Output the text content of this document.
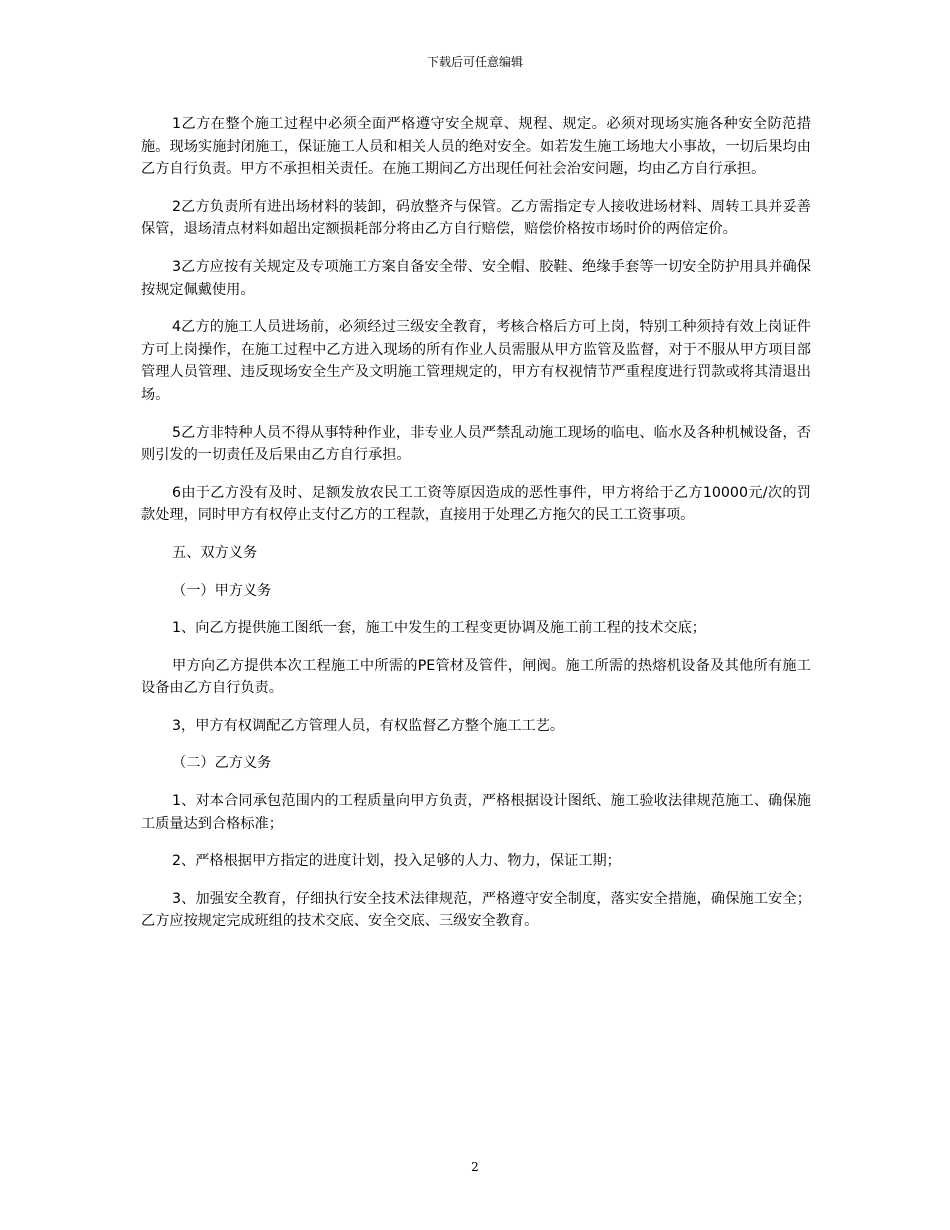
下载后可任意编辑

1乙方在整个施工过程中必须全面严格遵守安全规章、规程、规定。必须对现场实施各种安全防范措施。现场实施封闭施工，保证施工人员和相关人员的绝对安全。如若发生施工场地大小事故，一切后果均由乙方自行负责。甲方不承担相关责任。在施工期间乙方出现任何社会治安问题，均由乙方自行承担。

2乙方负责所有进出场材料的装卸，码放整齐与保管。乙方需指定专人接收进场材料、周转工具并妥善保管，退场清点材料如超出定额损耗部分将由乙方自行赔偿，赔偿价格按市场时价的两倍定价。

3乙方应按有关规定及专项施工方案自备安全带、安全帽、胶鞋、绝缘手套等一切安全防护用具并确保按规定佩戴使用。

4乙方的施工人员进场前，必须经过三级安全教育，考核合格后方可上岗，特别工种须持有效上岗证件方可上岗操作，在施工过程中乙方进入现场的所有作业人员需服从甲方监管及监督，对于不服从甲方项目部管理人员管理、违反现场安全生产及文明施工管理规定的，甲方有权视情节严重程度进行罚款或将其清退出场。

5乙方非特种人员不得从事特种作业，非专业人员严禁乱动施工现场的临电、临水及各种机械设备，否则引发的一切责任及后果由乙方自行承担。

6由于乙方没有及时、足额发放农民工工资等原因造成的恶性事件，甲方将给于乙方10000元/次的罚款处理，同时甲方有权停止支付乙方的工程款，直接用于处理乙方拖欠的民工工资事项。

五、双方义务

（一）甲方义务

1、向乙方提供施工图纸一套，施工中发生的工程变更协调及施工前工程的技术交底；

甲方向乙方提供本次工程施工中所需的PE管材及管件，闸阀。施工所需的热熔机设备及其他所有施工设备由乙方自行负责。

3，甲方有权调配乙方管理人员，有权监督乙方整个施工工艺。

（二）乙方义务

1、对本合同承包范围内的工程质量向甲方负责，严格根据设计图纸、施工验收法律规范施工、确保施工质量达到合格标准；

2、严格根据甲方指定的进度计划，投入足够的人力、物力，保证工期；

3、加强安全教育，仔细执行安全技术法律规范，严格遵守安全制度，落实安全措施，确保施工安全；乙方应按规定完成班组的技术交底、安全交底、三级安全教育。

2
